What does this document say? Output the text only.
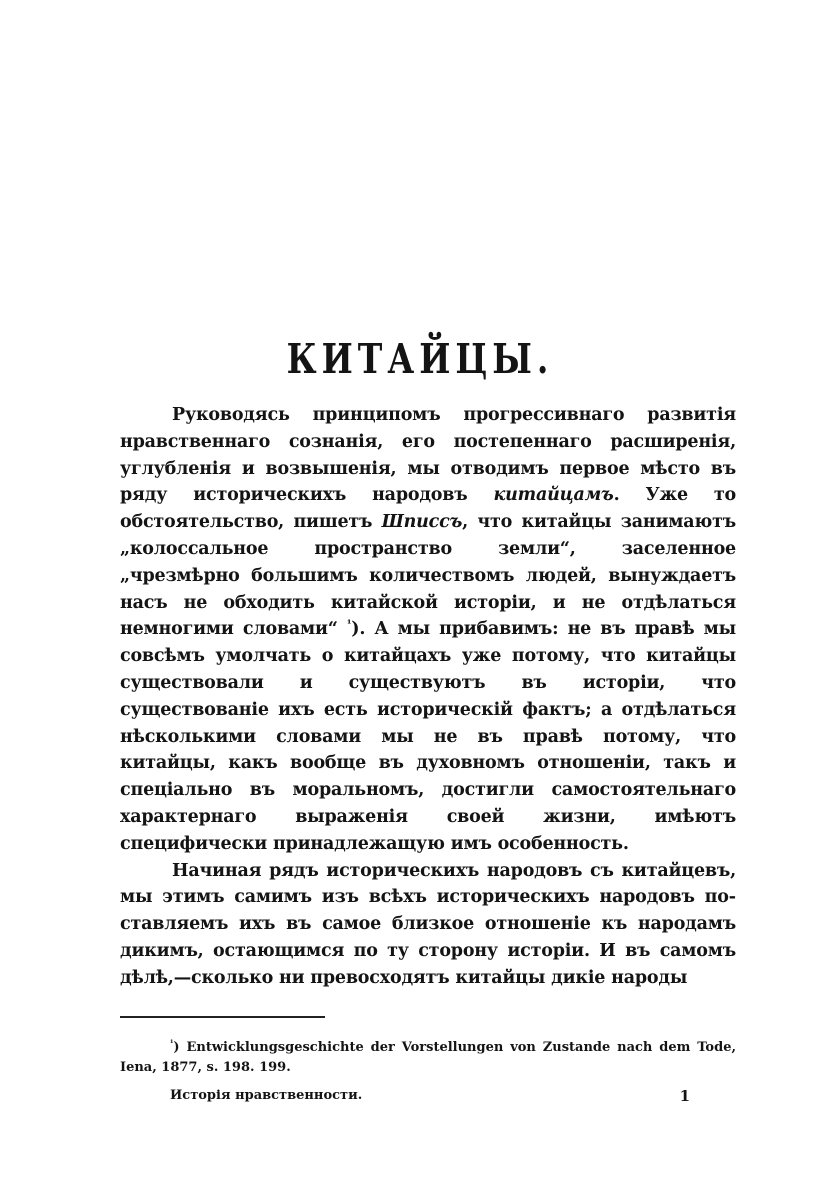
КИТАЙЦЫ.

Руководясь принципомъ прогрессивнаго развитія нравственнаго сознанія, его постепеннаго расширенія, углубленія и возвышенія, мы отводимъ первое мѣсто въ ряду историческихъ народовъ китайцамъ. Уже то обстоятельство, пишетъ Шписсъ, что китайцы занимаютъ „колоссальное пространство земли“, заселенное „чрезмѣрно большимъ количествомъ людей, вынуждаетъ насъ не обходить китайской исторіи, и не отдѣлаться немногими словами“ $^{^1}$). А мы прибавимъ: не въ правѣ мы совсѣмъ умолчать о китайцахъ уже потому, что китайцы существовали и существуютъ въ исторіи, что существованіе ихъ есть историческій фактъ; а отдѣлаться нѣсколькими словами мы не въ правѣ потому, что китайцы, какъ вообще въ духовномъ отношеніи, такъ и спеціально въ моральномъ, достигли самостоятельнаго характернаго выраженія своей жизни, имѣютъ специфически принадлежащую имъ особенность.

Начиная рядъ историческихъ народовъ съ китайцевъ, мы этимъ самимъ изъ всѣхъ историческихъ народовъ поставляемъ ихъ въ самое близкое отношеніе къ народамъ дикимъ, остающимся по ту сторону исторіи. И въ самомъ дѣлѣ,—сколько ни превосходятъ китайцы дикіе народы

$^{^1}$) Entwicklungsgeschichte der Vorstellungen von Zustande nach dem Tode, Iena, 1877, s. 198. 199.

Исторія нравственности.	1
